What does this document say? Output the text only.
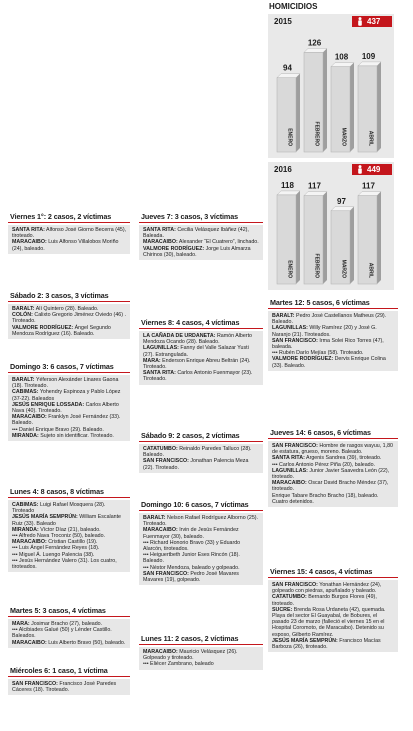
HOMICIDIOS
94
ENERO
126
FEBRERO
108
MARZO
109
ABRIL
2015	437
118
ENERO
117
FEBRERO
97
MARZO
117
ABRIL
2016	449
Viernes 1°: 2 casos, 2 víctimas
SANTA RITA: Alfonso José Giorno Becerra (45), tiroteado.
MARACAIBO: Luis Alfonso Villalobos Moriño (24), baleado.
Sábado 2: 3 casos, 3 víctimas
BARALT: Alí Quintero (28). Baleado.
COLÓN: Calixto Gregorio Jiménez Oviedo (46) . Tiroteado.
VALMORE RODRÍGUEZ: Ángel Segundo Mendoza Rodríguez (16). Baleado.
Domingo 3: 6 casos, 7 víctimas
BARALT: Yéferson Alexánder Linares Gaona (18). Tiroteado.
CABIMAS: Yohendry Espinoza y Pablo López (37-22). Baleados
JESÚS ENRIQUE LOSSADA: Carlos Alberto Nava (40). Tiroteado.
MARACAIBO: Franklyn José Fernández (33). Baleado.
••• Daniel Enrique Bravo (29). Baleado.
MIRANDA: Sujeto sin identificar. Tiroteado.
Lunes 4: 8 casos, 8 víctimas
CABIMAS: Luigi Rafael Mosquera (28). Tiroteado
JESÚS MARÍA SEMPRÚN: William Escalante Ruiz (33). Baleado
MIRANDA: Víctor Díaz (21), baleado.
••• Alfredo Nava Troconiz (50), baleado.
MARACAIBO: Cristian Castillo (19).
••• Luis Ángel Fernández Reyes (18).
••• Miguel Á. Luengo Palencia (38).
••• Jesús Hernández Valero (31). Los cuatro, tiroteados.
Martes 5: 3 casos, 4 víctimas
MARA: Josimar Bracho (27), baleado.
••• Alcibiades Galué (50) y Lénder Castillo. Baleados.
MARACAIBO: Luis Alberto Bravo (50), baleado.
Miércoles 6: 1 caso, 1 víctima
SAN FRANCISCO: Francisco José Paredes Cáceres (18). Tiroteado.
Jueves 7: 3 casos, 3 víctimas
SANTA RITA: Cecilia Velásquez Ibáñez (42), Baleada.
MARACAIBO: Alexander “El Cuatrero”, linchado.
VALMORE RODRÍGUEZ: Jorge Luis Almarza Chirinos (30), baleado.
Viernes 8: 4 casos, 4 víctimas
LA CAÑADA DE URDANETA: Ramón Alberto Mendoza Ocando (28). Baleado.
LAGUNILLAS: Fanny del Valle Salazar Yusti (27). Estrangulada.
MARA: Enderson Enrique Abreu Beltrán (24). Tiroteado.
SANTA RITA: Carlos Antonio Fuenmayor (23). Tiroteado.
Sábado 9: 2 casos, 2 víctimas
CATATUMBO: Reinaldo Paredes Talluco (28). Baleado.
SAN FRANCISCO: Jonathan Palencia Meza (22). Tiroteado.
Domingo 10: 6 casos, 7 víctimas
BARALT: Nelson Rafael Rodríguez Alborno (25). Tiroteado.
MARACAIBO: Irvin de Jesús Fernández Fuenmayor (30), baleado.
••• Richard Honorio Bravo (33) y Eduardo Alarcón, tiroteados.
••• Heiguertbeth Junior Eses Rincón (18). Baleado.
••• Néstor Mendoza, baleado y golpeado.
SAN FRANCISCO: Pedro José Mavares Mavares (19), golpeado.
Lunes 11: 2 casos, 2 víctimas
MARACAIBO: Mauricio Velásquez (26). Golpeado y tiroteado.
••• Eliécer Zambrano, baleado
Martes 12: 5 casos, 6 víctimas
BARALT: Pedro José Castellanos Matheus (29). Baleado.
LAGUNILLAS: Willy Ramírez (20) y José G. Naranjo (21). Tiroteados.
SAN FRANCISCO: Irma Solei Rico Torres (47), baleada.
••• Rubén Darío Mejías (58). Tiroteado.
VALMORE RODRÍGUEZ: Dervis Enrique Colina (33). Baleado.
Jueves 14: 6 casos, 6 víctimas
SAN FRANCISCO: Hombre de rasgos wayuu, 1,80 de estatura, grueso, moreno. Baleado.
SANTA RITA: Argenis Sandrea (39), tiroteado.
••• Carlos Antonio Pérez Piña (20), baleado.
LAGUNILLAS: Junior Javier Saavedra León (22), tiroteado.
MARACAIBO: Oscar David Bracho Méndez (37), tiroteado.
Enrique Tabare Bracho Bracho (18), baleado. Cuatro detenidos.
Viernes 15: 4 casos, 4 víctimas
SAN FRANCISCO: Yonathan Hernández (24), golpeado con piedras, apuñalado y baleado.
CATATUMBO: Bernardo Burgos Flores (49), tiroteado.
SUCRE: Brenda Rosa Urdaneta (42), quemada. Playa del sector El Guayabal, de Bobures, el pasado 23 de marzo (falleció el viernes 15 en el Hospital Coromoto, de Maracaibo). Detenido su esposo, Gilberto Ramírez.
JESÚS MARÍA SEMPRÚN: Francisco Macías Barboza (26), tiroteado.
